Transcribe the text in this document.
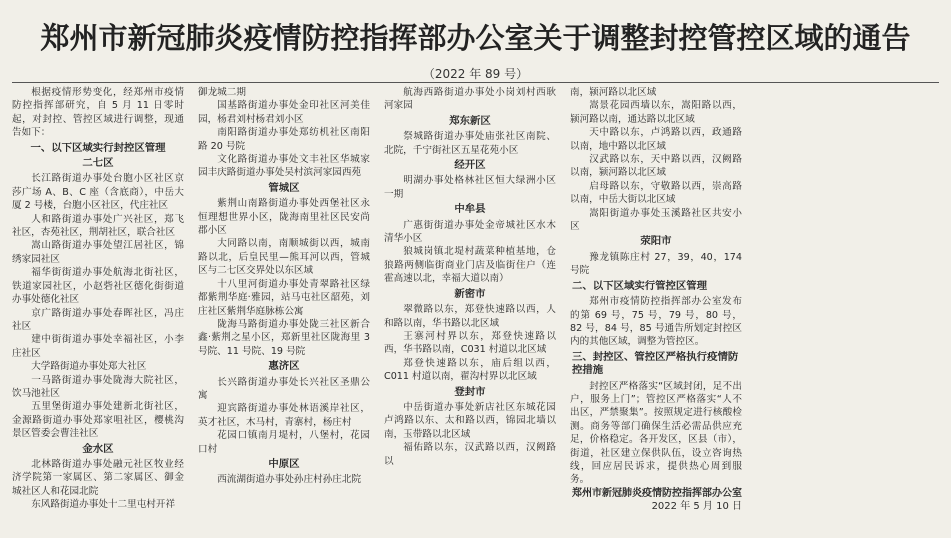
郑州市新冠肺炎疫情防控指挥部办公室关于调整封控管控区域的通告
（2022 年 89 号）

根据疫情形势变化，经郑州市疫情防控指挥部研究，自 5 月 11 日零时起，对封控、管控区域进行调整，现通告如下：

一、以下区域实行封控区管理
二七区

长江路街道办事处台胞小区社区京莎广场 A、B、C 座（含底商），中岳大厦 2 号楼，台胞小区社区，代庄社区

人和路街道办事处广兴社区，郑飞社区，杏苑社区，荆胡社区，联合社区

嵩山路街道办事处望江居社区，锦绣家园社区

福华街街道办事处航海北街社区，铁道家园社区，小赵砦社区德化街街道办事处德化社区

京广路街道办事处春晖社区，冯庄社区

建中街街道办事处幸福社区，小李庄社区

大学路街道办事处郑大社区

一马路街道办事处陇海大院社区，饮马池社区

五里堡街道办事处建新北街社区，金源路街道办事处郑家咀社区，樱桃沟景区管委会曹洼社区

金水区

北林路街道办事处融元社区牧业经济学院第一家属区、第二家属区、御金城社区人和花园北院

东风路街道办事处十二里屯村开祥

御龙城二期

国基路街道办事处金印社区河美佳园，杨君刘村杨君刘小区

南阳路街道办事处郑纺机社区南阳路 20 号院

文化路街道办事处文丰社区华城家园丰庆路街道办事处吴村滨河家园西苑

管城区

紫荆山南路街道办事处西堡社区永恒理想世界小区，陇海南里社区民安尚郡小区

大同路以南，南顺城街以西，城南路以北，后皇民里—熊耳河以西，管城区与二七区交界处以东区域

十八里河街道办事处青翠路社区绿都紫荆华庭·雅园，站马屯社区韶苑，刘庄社区紫荆华庭脉栋公寓

陇海马路街道办事处陇三社区新合鑫·紫荆之星小区，郑新里社区陇海里 3 号院、11 号院、19 号院

惠济区

长兴路街道办事处长兴社区圣鼎公寓

迎宾路街道办事处林语溪岸社区，英才社区，木马村，青寨村，杨庄村

花园口镇南月堤村，八堡村，花园口村

中原区

西流湖街道办事处孙庄村孙庄北院

航海西路街道办事处小岗刘村西耿河家园

郑东新区

祭城路街道办事处庙张社区南院、北院，千宁街社区五星花苑小区

经开区

明湖办事处格林社区恒大绿洲小区一期

中牟县

广惠街街道办事处金帝城社区水木清华小区

狼城岗镇北堤村蔬菜种植基地，仓狼路两侧临街商业门店及临街住户（连霍高速以北，幸福大道以南）

新密市

翠微路以东，郑登快速路以西，人和路以南，华书路以北区域

王寨河村界以东，郑登快速路以西，华书路以南，C031 村道以北区域

郑登快速路以东，庙后组以西，C011 村道以南，翟沟村界以北区域

登封市

中岳街道办事处新店社区东城花园卢鸿路以东、太和路以西，锦园北墙以南，玉带路以北区域

福佑路以东，汉武路以西，汉阙路以

南，颍河路以北区域

嵩景花园西墙以东，嵩阳路以西，颍河路以南，通达路以北区域

天中路以东，卢鸿路以西，政通路以南，地中路以北区域

汉武路以东，天中路以西，汉阙路以南，颍河路以北区域

启母路以东，守敬路以西，崇高路以南，中岳大街以北区域

嵩阳街道办事处玉溪路社区共安小区

荥阳市

豫龙镇陈庄村 27，39，40，174 号院

二、以下区域实行管控区管理

郑州市疫情防控指挥部办公室发布的第 69 号，75 号，79 号，80 号，82 号，84 号，85 号通告所划定封控区内的其他区域，调整为管控区。

三、封控区、管控区严格执行疫情防控措施

封控区严格落实“区域封闭，足不出户，服务上门”；管控区严格落实“人不出区，严禁聚集”。按照规定进行核酸检测。商务等部门确保生活必需品供应充足，价格稳定。各开发区，区县（市），街道，社区建立保供队伍，设立咨询热线，回应居民诉求，提供热心周到服务。

郑州市新冠肺炎疫情防控指挥部办公室

2022 年 5 月 10 日
